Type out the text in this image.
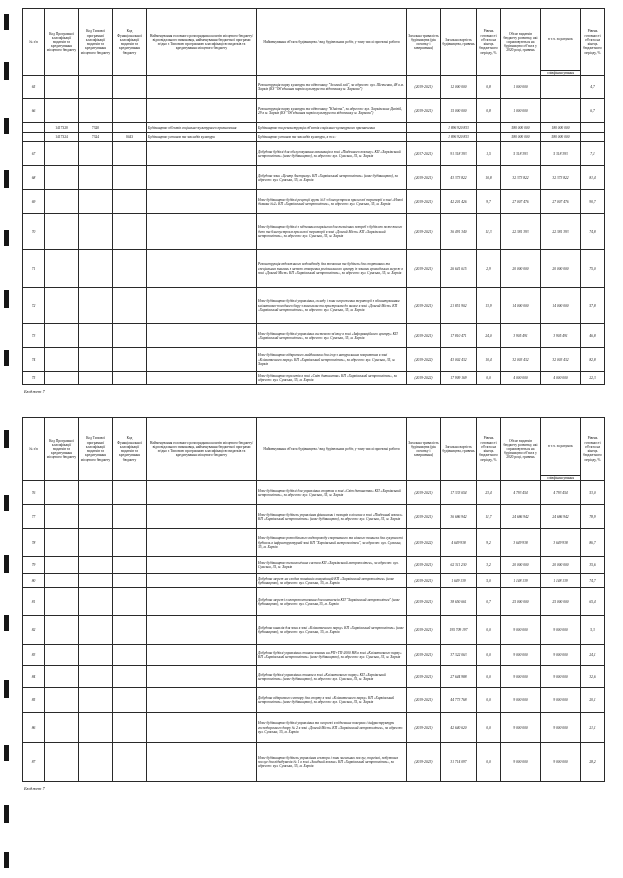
№ з/п	Код Програмної класифікації видатків та кредитування місцевого бюджету	Код Типової програмної класифікації видатків та кредитування місцевого бюджету	Код Функціональної класифікації видатків та кредитування бюджету	Найменування головного розпорядника коштів місцевого бюджету/ відповідального виконавця, найменування бюджетної програми згідно з Типовою програмною класифікацією видатків та кредитування місцевого бюджету	Найменування об'єкта будівництва / вид будівельних робіт, у тому числі проектні роботи	Загальна тривалість будівництва (рік початку і завершення)	Загальна вартість будівництва, гривень	Рівень готовності об'єкта на кінець бюджетного періоду, %	Обсяг видатків бюджету розвитку, які спрямовуються на будівництво об'єкта у 2020 році, гривень	в т.ч. за рахунок	Рівень готовності об'єкта на кінець бюджетного періоду, %
										співфінансування	
65					Реконструкція парку культури та відпочинку "Зелений гай", за адресою: вул. Шевченка, 48 в м. Харків (КЗ "Об'єднання парків культури та відпочинку м. Харкова")	(2019-2021)	12 000 000	0,8	1 000 000		4,7
66					Реконструкція парку культури та відпочинку "Юність", за адресою: вул. Харківських Дивізій, 29 в м. Харків (КЗ "Об'єднання парків культури та відпочинку м. Харкова")	(2019-2021)	15 000 000	0,8	1 000 000		6,7
	1417320	7320		Будівництво об'єктів соціально-культурного призначення	Будівництво та реконструкція об'єктів соціально-культурного призначення		1 896 920 853		580 000 000	180 000 000	
	1417324	7324	0443	Будівництво установ та закладів культури	Будівництво установ та закладів культури, в т.ч.:		1 896 920 853		580 000 000	580 000 000	
67					Добудова будівлі для обслуговування мешканців в зоні «Південного вокзалу» КП «Харківський метрополітен» (нове будівництво), за адресою: вул. Сумська, 35, м. Харків	(2017-2021)	91 318 393	1,5	5 318 393	5 318 393	7,1
68					Добудова зони «Центр Акстриму» КП «Харківський метрополітен» (нове будівництво), за адресою: вул. Сумська, 35, м. Харків	(2019-2021)	43 373 822	10,8	32 373 822	32 373 822	81,4
69					Нове будівництво будівлі рецепції групи №3 з благоустроєм прилеглої території в зоні «Нової ділянки №2» КП «Харківський метрополітен», за адресою: вул. Сумська, 35, м. Харків	(2019-2021)	42 201 426	9,7	27 007 476	27 007 476	90,7
70					Нове будівництво будівлі з підземним паркінгом для технічних потреб з будівлею пожежного депо та благоустроєм прилеглої території в зоні «Довгий Міст» КП «Харківський метрополітен», за адресою: вул. Сумська, 35, м. Харків	(2019-2021)	36 491 340	11,3	22 381 393	22 381 393	74,8
71					Реконструкція вздовжнього водовідводу для точкових та будівель для спортивних та спеціальних змагань з метою створення регіонального центру із зонами громадських мереж в зоні «Довгий Міст» КП «Харківський метрополітен», за адресою: вул. Сумська, 35, м. Харків	(2019-2021)	26 641 615	2,9	20 000 000	20 000 000	75,0
72					Нове будівництво будівлі управління, складу і зони огороження території з облаштуванням кліматично-погодного бару з вимогами та пристроями до вимог в зоні «Довгий Міст» КП «Харківський метрополітен», за адресою: вул. Сумська, 35, м. Харків	(2019-2021)	21 851 902	13,9	14 000 000	14 000 000	57,8
73					Нове будівництво будівлі управління системою зв'язку в зоні «Інформаційного центру» КП «Харківський метрополітен», за адресою: вул. Сумська, 35, м. Харків	(2019-2021)	17 810 471	24,0	3 905 491	3 905 491	46,8
74					Нове будівництво відкритого майданчика для ігор з натуральним покриттям в зоні «Кліматичного парку» КП «Харківський метрополітен», за адресою: вул. Сумська, 35, м. Харків	(2019-2022)	43 002 432	10,4	32 003 432	32 003 432	82,8
75					Нове будівництво туалетів в зоні «Світ дитинства» КП «Харківський метрополітен», за адресою: вул. Сумська, 35, м. Харків	(2019-2022)	17 909 169	0,0	4 000 000	4 000 000	22,3
Бюджет 7
№ з/п	Код Програмної класифікації видатків та кредитування місцевого бюджету	Код Типової програмної класифікації видатків та кредитування місцевого бюджету	Код Функціональної класифікації видатків та кредитування бюджету	Найменування головного розпорядника коштів місцевого бюджету/ відповідального виконавця, найменування бюджетної програми згідно з Типовою програмною класифікацією видатків та кредитування місцевого бюджету	Найменування об'єкта будівництва / вид будівельних робіт, у тому числі проектні роботи	Загальна тривалість будівництва (рік початку і завершення)	Загальна вартість будівництва, гривень	Рівень готовності об'єкта на кінець бюджетного періоду, %	Обсяг видатків бюджету розвитку, які спрямовуються на будівництво об'єкта у 2020 році, гривень	в т.ч. за рахунок	Рівень готовності об'єкта на кінець бюджетного періоду, %
										співфінансування	
76					Нове будівництво будівлі для управління спортом в зоні «Світ дитинства» КП «Харківський метрополітен», за адресою: вул. Сумська, 35, м. Харків	(2019-2021)	17 333 654	23,4	4 793 454	4 793 454	53,0
77					Нове будівництво будівель управління фінансами і товарів в кіосках в зоні «Південний вокзал» КП «Харківський метрополітен» (нове будівництво), за адресою: вул. Сумська, 35, м. Харків	(2019-2021)	36 686 942	11,7	24 686 942	24 686 942	78,9
78					Нове будівництво розподільчого водопроводу спортивного та нічного тоннеля для сукупності будівель в інфраструктурній зоні КП "Харківський метрополітен", за адресою: вул. Сумська, 35, м. Харків	(2019-2022)	4 649 938	9,2	3 649 938	3 649 938	86,7
79					Нове будівництво технологічних систем КП «Харківський метрополітен», за адресою: вул. Сумська, 35, м. Харків	(2019-2021)	62 311 230	3,2	20 000 000	20 000 000	35,6
80					Добудова мереж на сходах зовнішніх комунікацій КП «Харківський метрополітен» (нове будівництво), за адресою: вул. Сумська, 35, м. Харків	(2019-2021)	1 649 139	5,0	1 148 139	1 148 139	74,7
81					Добудова мережі електропостачання для комплексів КП "Харківський метрополітен" (нове будівництво), за адресою: вул. Сумська,35, м. Харків	(2019-2021)	38 650 661	0,7	25 000 000	25 000 000	65,4
82					Добудова каналів для зони в зоні «Кліматичного парку» КП «Харківський метрополітен» (нове будівництво), за адресою: вул. Сумська, 35, м. Харків	(2019-2021)	195 709 197	0,0	9 000 000	9 000 000	5,3
83					Добудова будівлі управління станом зонами на РП+ТП-2000 НВ в зоні «Кліматичного парку» КП «Харківський метрополітен» (нове будівництво), за адресою: вул. Сумська, 35, м. Харків	(2019-2021)	37 322 063	0,0	9 000 000	9 000 000	24,1
84					Добудова будівлі управління станом в зоні «Кліматичного парку» КП «Харківський метрополітен» (нове будівництво), за адресою: вул. Сумська, 35, м. Харків	(2019-2021)	27 644 988	0,0	9 000 000	9 000 000	32,6
85					Добудова відкритого сектору для спорту в зоні «Кліматичного парку» КП «Харківський метрополітен» (нове будівництво), за адресою: вул. Сумська, 35, м. Харків	(2019-2021)	44 773 768	0,0	9 000 000	9 000 000	20,1
86					Нове будівництво будівлі управління та огорожі в підземних поверхах і інфраструктури господарського двору № 2 в зоні «Довгий Міст» КП «Харківський метрополітен», за адресою: вул. Сумська, 35, м. Харків	(2019-2021)	42 640 620	0,0	9 000 000	9 000 000	21,1
87					Нове будівництво будівель управління сектора і зони загальних послуг, торгівлі, побутових послуг для відвідувачів № 1 в зоні «Західний вокзал» КП «Харківський метрополітен», за адресою: вул. Сумська, 35, м. Харків	(2019-2023)	31 714 097	0,0	9 000 000	9 000 000	28,2
Бюджет 7
